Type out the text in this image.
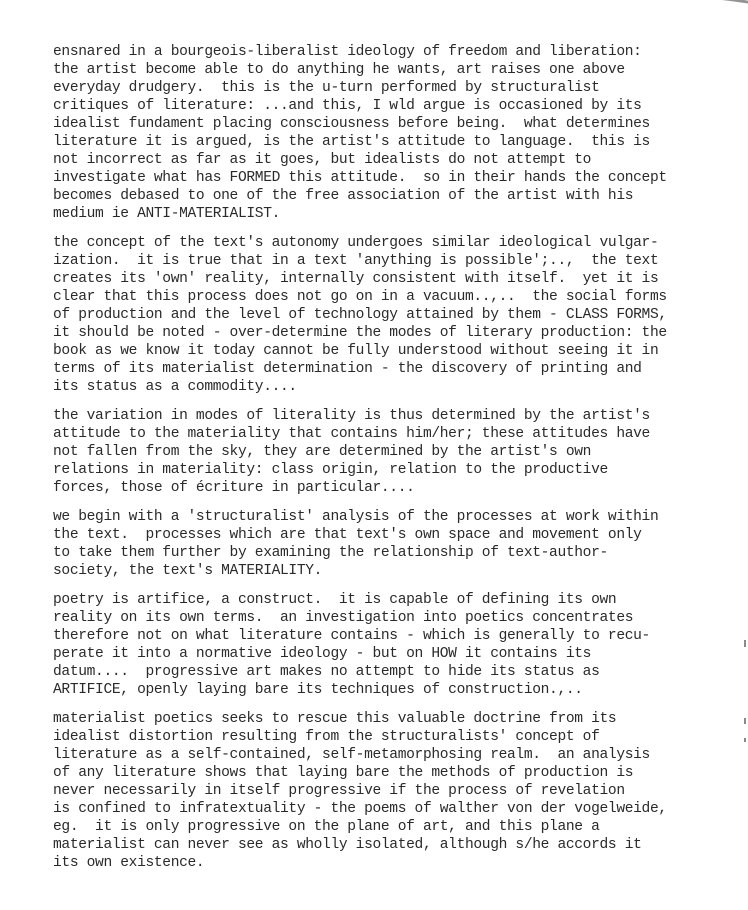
ensnared in a bourgeois-liberalist ideology of freedom and liberation:
the artist become able to do anything he wants, art raises one above
everyday drudgery.  this is the u-turn performed by structuralist
critiques of literature: ...and this, I wld argue is occasioned by its
idealist fundament placing consciousness before being.  what determines
literature it is argued, is the artist's attitude to language.  this is
not incorrect as far as it goes, but idealists do not attempt to
investigate what has FORMED this attitude.  so in their hands the concept
becomes debased to one of the free association of the artist with his
medium ie ANTI-MATERIALIST.
the concept of the text's autonomy undergoes similar ideological vulgar-
ization.  it is true that in a text 'anything is possible';..,  the text
creates its 'own' reality, internally consistent with itself.  yet it is
clear that this process does not go on in a vacuum..,..  the social forms
of production and the level of technology attained by them - CLASS FORMS,
it should be noted - over-determine the modes of literary production: the
book as we know it today cannot be fully understood without seeing it in
terms of its materialist determination - the discovery of printing and
its status as a commodity....
the variation in modes of literality is thus determined by the artist's
attitude to the materiality that contains him/her; these attitudes have
not fallen from the sky, they are determined by the artist's own
relations in materiality: class origin, relation to the productive
forces, those of écriture in particular....
we begin with a 'structuralist' analysis of the processes at work within
the text.  processes which are that text's own space and movement only
to take them further by examining the relationship of text-author-
society, the text's MATERIALITY.
poetry is artifice, a construct.  it is capable of defining its own
reality on its own terms.  an investigation into poetics concentrates
therefore not on what literature contains - which is generally to recu-
perate it into a normative ideology - but on HOW it contains its
datum....  progressive art makes no attempt to hide its status as
ARTIFICE, openly laying bare its techniques of construction.,..
materialist poetics seeks to rescue this valuable doctrine from its
idealist distortion resulting from the structuralists' concept of
literature as a self-contained, self-metamorphosing realm.  an analysis
of any literature shows that laying bare the methods of production is
never necessarily in itself progressive if the process of revelation
is confined to infratextuality - the poems of walther von der vogelweide,
eg.  it is only progressive on the plane of art, and this plane a
materialist can never see as wholly isolated, although s/he accords it
its own existence.
